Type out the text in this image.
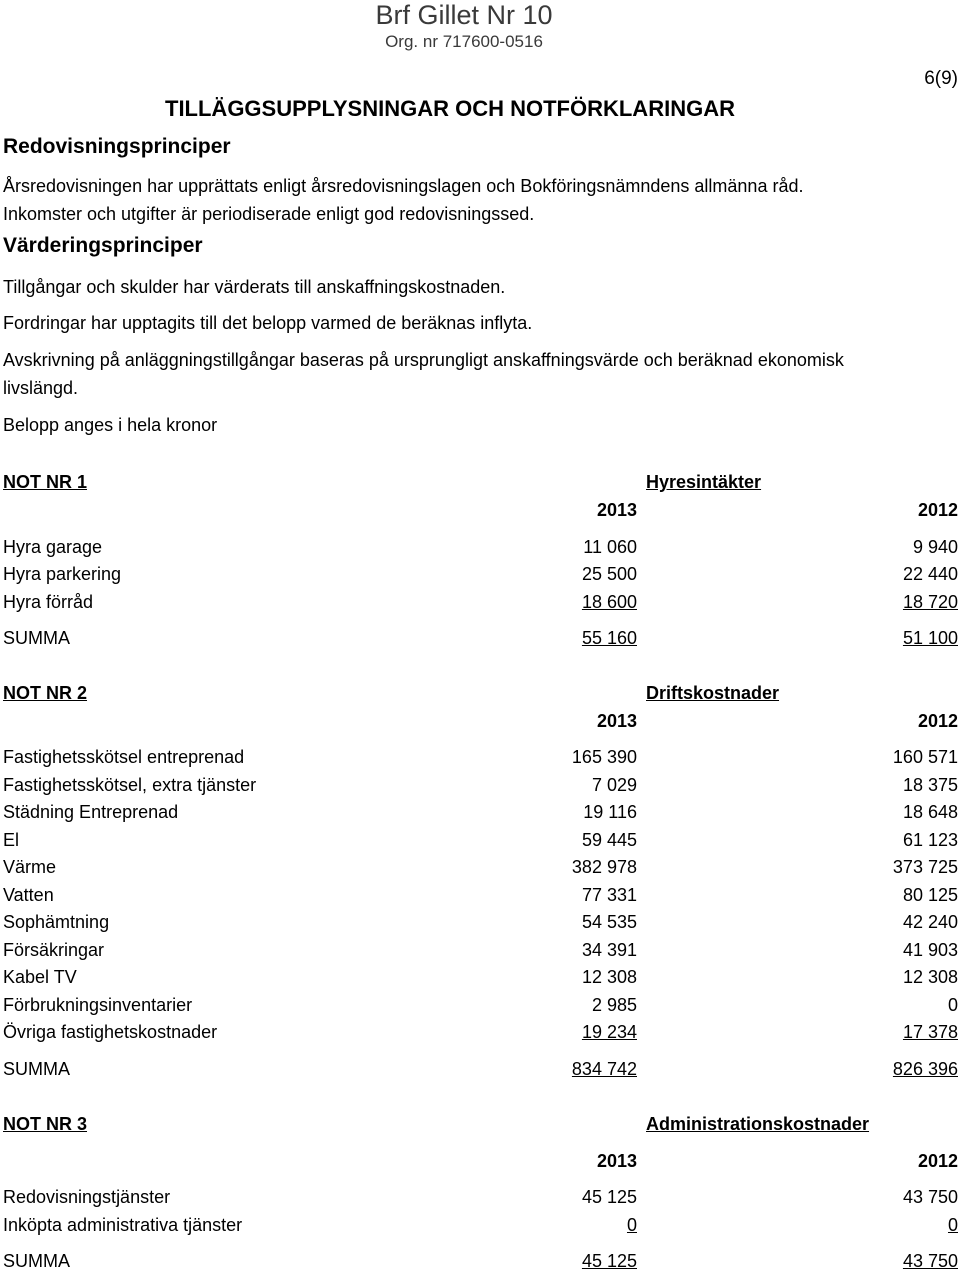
Brf Gillet Nr 10
Org. nr 717600-0516
6(9)
TILLÄGGSUPPLYSNINGAR OCH NOTFÖRKLARINGAR
Redovisningsprinciper
Årsredovisningen har upprättats enligt årsredovisningslagen och Bokföringsnämndens allmänna råd. Inkomster och utgifter är periodiserade enligt god redovisningssed.
Värderingsprinciper
Tillgångar och skulder har värderats till anskaffningskostnaden.
Fordringar har upptagits till det belopp varmed de beräknas inflyta.
Avskrivning på anläggningstillgångar baseras på ursprungligt anskaffningsvärde och beräknad ekonomisk livslängd.
Belopp anges i hela kronor
NOT NR 1	Hyresintäkter
2013	2012
Hyra garage	11 060	9 940
Hyra parkering	25 500	22 440
Hyra förråd	18 600	18 720
SUMMA	55 160	51 100
NOT NR 2	Driftskostnader
2013	2012
Fastighetsskötsel entreprenad	165 390	160 571
Fastighetsskötsel, extra tjänster	7 029	18 375
Städning Entreprenad	19 116	18 648
El	59 445	61 123
Värme	382 978	373 725
Vatten	77 331	80 125
Sophämtning	54 535	42 240
Försäkringar	34 391	41 903
Kabel TV	12 308	12 308
Förbrukningsinventarier	2 985	0
Övriga fastighetskostnader	19 234	17 378
SUMMA	834 742	826 396
NOT NR 3	Administrationskostnader
2013	2012
Redovisningstjänster	45 125	43 750
Inköpta administrativa tjänster	0	0
SUMMA	45 125	43 750
